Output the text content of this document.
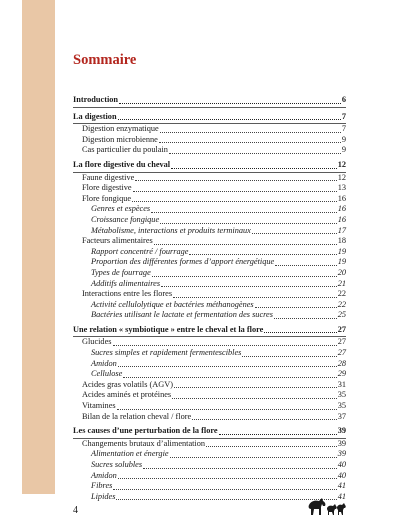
Sommaire
Introduction	6
La digestion	7
Digestion enzymatique	7
Digestion microbienne	9
Cas particulier du poulain	9
La flore digestive du cheval	12
Faune digestive	12
Flore digestive	13
Flore fongique	16
Genres et espèces	16
Croissance fongique	16
Métabolisme, interactions et produits terminaux	17
Facteurs alimentaires	18
Rapport concentré / fourrage	19
Proportion des différentes formes d’apport énergétique	19
Types de fourrage	20
Additifs alimentaires	21
Interactions entre les flores	22
Activité cellulolytique et bactéries méthanogènes	22
Bactéries utilisant le lactate et fermentation des sucres	25
Une relation « symbiotique » entre le cheval et la flore	27
Glucides	27
Sucres simples et rapidement fermentescibles	27
Amidon	28
Cellulose	29
Acides gras volatils (AGV)	31
Acides aminés et protéines	35
Vitamines	35
Bilan de la relation cheval / flore	37
Les causes d’une perturbation de la flore	39
Changements brutaux d’alimentation	39
Alimentation et énergie	39
Sucres solubles	40
Amidon	40
Fibres	41
Lipides	41
4
